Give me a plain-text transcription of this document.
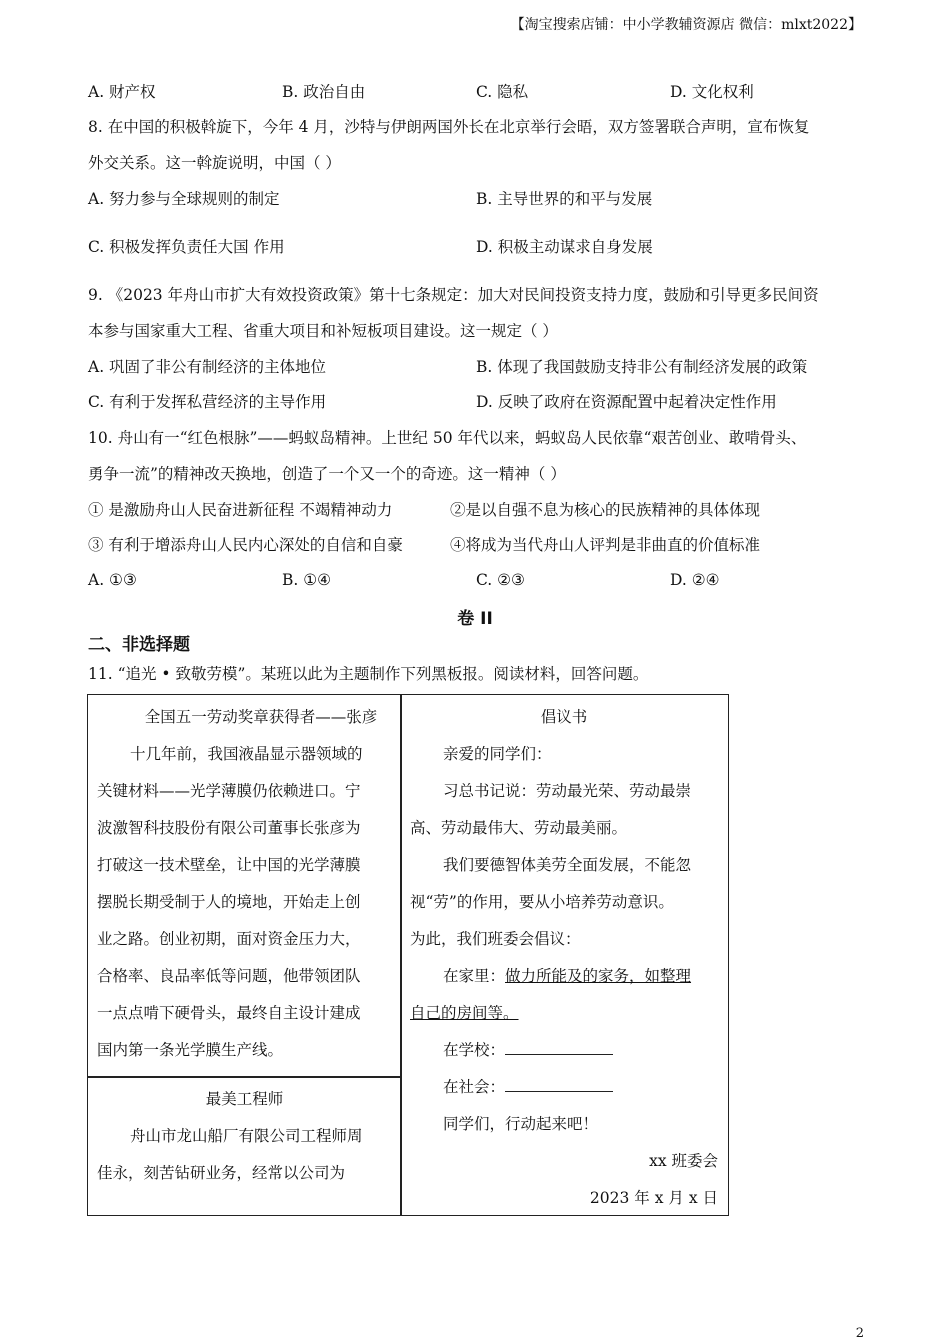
【淘宝搜索店铺：中小学教辅资源店 微信：mlxt2022】
A. 财产权	B. 政治自由	C. 隐私	D. 文化权利
8. 在中国的积极斡旋下，今年 4 月，沙特与伊朗两国外长在北京举行会晤，双方签署联合声明，宣布恢复
外交关系。这一斡旋说明，中国（ ）
A. 努力参与全球规则的制定	B. 主导世界的和平与发展
C. 积极发挥负责任大国 作用	D. 积极主动谋求自身发展
9. 《2023 年舟山市扩大有效投资政策》第十七条规定：加大对民间投资支持力度，鼓励和引导更多民间资
本参与国家重大工程、省重大项目和补短板项目建设。这一规定（ ）
A. 巩固了非公有制经济的主体地位	B. 体现了我国鼓励支持非公有制经济发展的政策
C. 有利于发挥私营经济的主导作用	D. 反映了政府在资源配置中起着决定性作用
10. 舟山有一“红色根脉”——蚂蚁岛精神。上世纪 50 年代以来，蚂蚁岛人民依靠“艰苦创业、敢啃骨头、
勇争一流”的精神改天换地，创造了一个又一个的奇迹。这一精神（ ）
① 是激励舟山人民奋进新征程 不竭精神动力	②是以自强不息为核心的民族精神的具体体现
③ 有利于增添舟山人民内心深处的自信和自豪	④将成为当代舟山人评判是非曲直的价值标准
A. ①③	B. ①④	C. ②③	D. ②④
卷 II
二、非选择题
11. “追光 • 致敬劳模”。某班以此为主题制作下列黑板报。阅读材料，回答问题。

全国五一劳动奖章获得者——张彦

十几年前，我国液晶显示器领域的

关键材料——光学薄膜仍依赖进口。宁

波激智科技股份有限公司董事长张彦为

打破这一技术壁垒，让中国的光学薄膜

摆脱长期受制于人的境地，开始走上创

业之路。创业初期，面对资金压力大，

合格率、良品率低等问题，他带领团队

一点点啃下硬骨头，最终自主设计建成

国内第一条光学膜生产线。

最美工程师

舟山市龙山船厂有限公司工程师周

佳永，刻苦钻研业务，经常以公司为

倡议书

亲爱的同学们：

习总书记说：劳动最光荣、劳动最崇

高、劳动最伟大、劳动最美丽。

我们要德智体美劳全面发展，不能忽

视“劳”的作用，要从小培养劳动意识。

为此，我们班委会倡议：

在家里：做力所能及的家务，如整理

自己的房间等。

在学校：

在社会：

同学们，行动起来吧！

xx 班委会

2023 年 x 月 x 日

2
